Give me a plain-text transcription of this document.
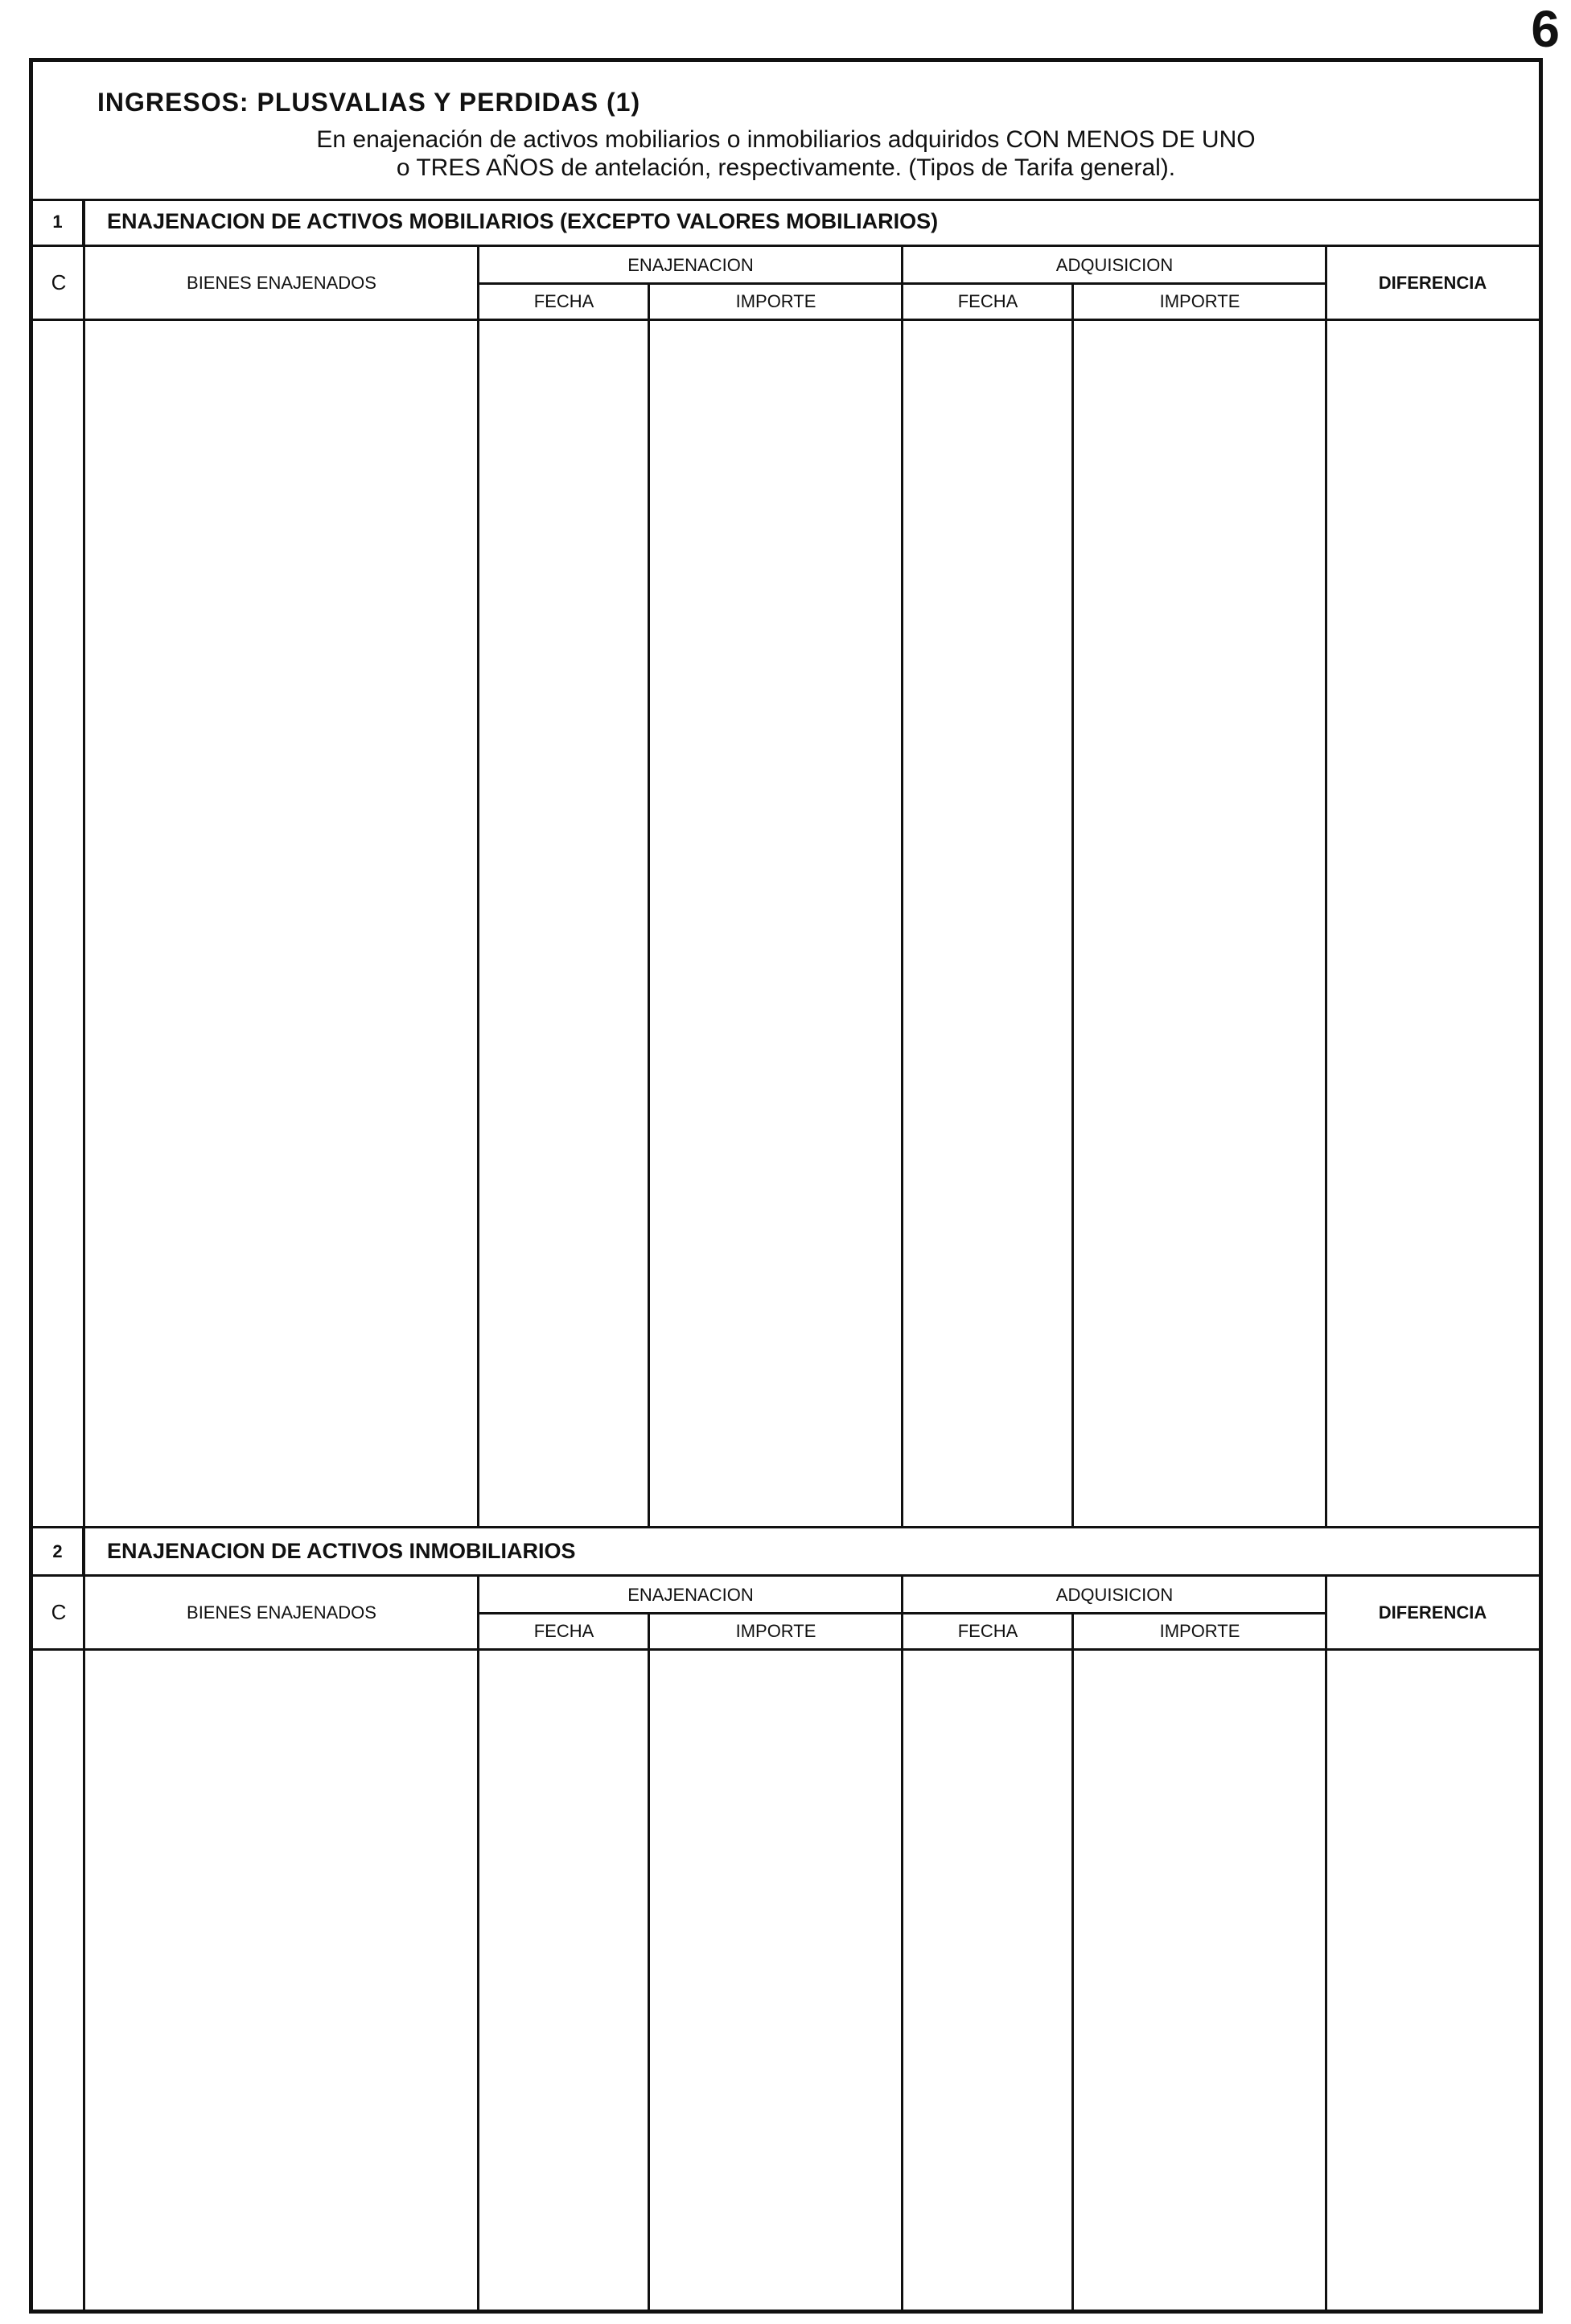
6
INGRESOS: PLUSVALIAS Y PERDIDAS (1)
En enajenación de activos mobiliarios o inmobiliarios adquiridos CON MENOS DE UNO
o TRES AÑOS de antelación, respectivamente. (Tipos de Tarifa general).
1	ENAJENACION DE ACTIVOS MOBILIARIOS (EXCEPTO VALORES MOBILIARIOS)
C	BIENES ENAJENADOS
ENAJENACION	ADQUISICION
FECHA	IMPORTE	FECHA	IMPORTE
DIFERENCIA
2	ENAJENACION DE ACTIVOS INMOBILIARIOS
C	BIENES ENAJENADOS
ENAJENACION	ADQUISICION
FECHA	IMPORTE	FECHA	IMPORTE
DIFERENCIA
